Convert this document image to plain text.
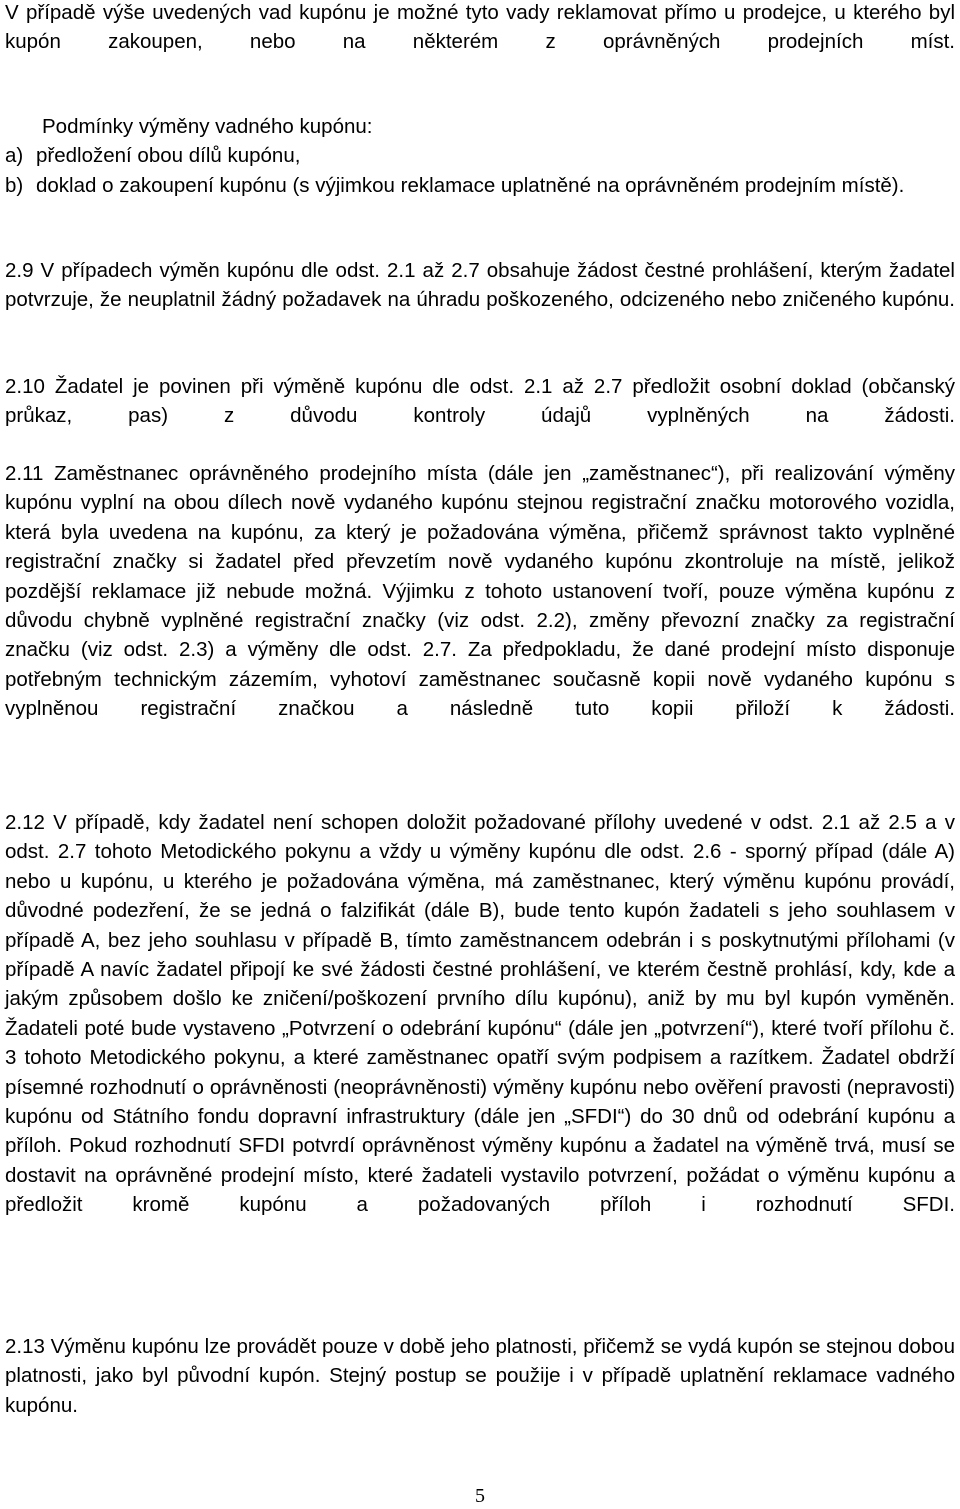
V případě výše uvedených vad kupónu je možné tyto vady reklamovat přímo u prodejce, u kterého byl kupón zakoupen, nebo na některém z oprávněných prodejních míst.

Podmínky výměny vadného kupónu:
a) předložení obou dílů kupónu,
b) doklad o zakoupení kupónu (s výjimkou reklamace uplatněné na oprávněném prodejním místě).

2.9 V případech výměn kupónu dle odst. 2.1 až 2.7 obsahuje žádost čestné prohlášení, kterým žadatel potvrzuje, že neuplatnil žádný požadavek na úhradu poškozeného, odcizeného nebo zničeného kupónu.

2.10 Žadatel je povinen při výměně kupónu dle odst. 2.1 až 2.7 předložit osobní doklad (občanský průkaz, pas) z důvodu kontroly údajů vyplněných na žádosti.

2.11 Zaměstnanec oprávněného prodejního místa (dále jen „zaměstnanec“), při realizování výměny kupónu vyplní na obou dílech nově vydaného kupónu stejnou registrační značku motorového vozidla, která byla uvedena na kupónu, za který je požadována výměna, přičemž správnost takto vyplněné registrační značky si žadatel před převzetím nově vydaného kupónu zkontroluje na místě, jelikož pozdější reklamace již nebude možná. Výjimku z tohoto ustanovení tvoří, pouze výměna kupónu z důvodu chybně vyplněné registrační značky (viz odst. 2.2), změny převozní značky za registrační značku (viz odst. 2.3) a výměny dle odst. 2.7. Za předpokladu, že dané prodejní místo disponuje potřebným technickým zázemím, vyhotoví zaměstnanec současně kopii nově vydaného kupónu s vyplněnou registrační značkou a následně tuto kopii přiloží k žádosti.

2.12 V případě, kdy žadatel není schopen doložit požadované přílohy uvedené v odst. 2.1 až 2.5 a v odst. 2.7 tohoto Metodického pokynu a vždy u výměny kupónu dle odst. 2.6 - sporný případ (dále A) nebo u kupónu, u kterého je požadována výměna, má zaměstnanec, který výměnu kupónu provádí, důvodné podezření, že se jedná o falzifikát (dále B), bude tento kupón žadateli s jeho souhlasem v případě A, bez jeho souhlasu v případě B, tímto zaměstnancem odebrán i s poskytnutými přílohami (v případě A navíc žadatel připojí ke své žádosti čestné prohlášení, ve kterém čestně prohlásí, kdy, kde a jakým způsobem došlo ke zničení/poškození prvního dílu kupónu), aniž by mu byl kupón vyměněn. Žadateli poté bude vystaveno „Potvrzení o odebrání kupónu“ (dále jen „potvrzení“), které tvoří přílohu č. 3 tohoto Metodického pokynu, a které zaměstnanec opatří svým podpisem a razítkem. Žadatel obdrží písemné rozhodnutí o oprávněnosti (neoprávněnosti) výměny kupónu nebo ověření pravosti (nepravosti) kupónu od Státního fondu dopravní infrastruktury (dále jen „SFDI“) do 30 dnů od odebrání kupónu a příloh. Pokud rozhodnutí SFDI potvrdí oprávněnost výměny kupónu a žadatel na výměně trvá, musí se dostavit na oprávněné prodejní místo, které žadateli vystavilo potvrzení, požádat o výměnu kupónu a předložit kromě kupónu a požadovaných příloh i rozhodnutí SFDI.

2.13 Výměnu kupónu lze provádět pouze v době jeho platnosti, přičemž se vydá kupón se stejnou dobou platnosti, jako byl původní kupón. Stejný postup se použije i v případě uplatnění reklamace vadného kupónu.

5
